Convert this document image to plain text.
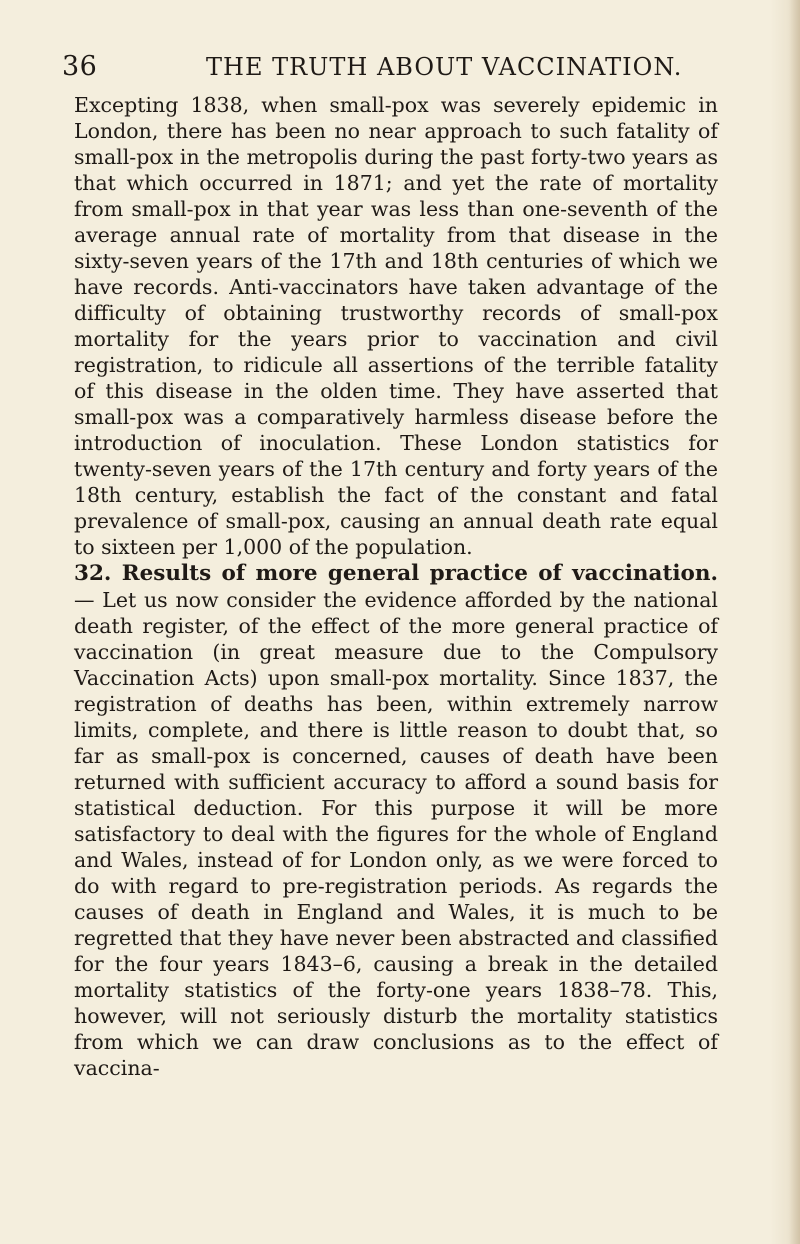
36	THE TRUTH ABOUT VACCINATION.

Excepting 1838, when small-pox was severely epidemic in London, there has been no near approach to such fatality of small-pox in the metropolis during the past forty-two years as that which occurred in 1871; and yet the rate of mortality from small-pox in that year was less than one-seventh of the average annual rate of mortality from that disease in the sixty-seven years of the 17th and 18th centuries of which we have records. Anti-vaccinators have taken advantage of the difficulty of obtaining trustworthy records of small-pox mortality for the years prior to vaccination and civil registration, to ridicule all assertions of the terrible fatality of this disease in the olden time. They have asserted that small-pox was a comparatively harmless disease before the introduction of inoculation. These London statistics for twenty-seven years of the 17th century and forty years of the 18th century, establish the fact of the constant and fatal prevalence of small-pox, causing an annual death rate equal to sixteen per 1,000 of the population.

32. Results of more general practice of vaccination.— Let us now consider the evidence afforded by the national death register, of the effect of the more general practice of vaccination (in great measure due to the Compulsory Vaccination Acts) upon small-pox mortality. Since 1837, the registration of deaths has been, within extremely narrow limits, complete, and there is little reason to doubt that, so far as small-pox is concerned, causes of death have been returned with sufficient accuracy to afford a sound basis for statistical deduction. For this purpose it will be more satisfactory to deal with the figures for the whole of England and Wales, instead of for London only, as we were forced to do with regard to pre-registration periods. As regards the causes of death in England and Wales, it is much to be regretted that they have never been abstracted and classified for the four years 1843–6, causing a break in the detailed mortality statistics of the forty-one years 1838–78. This, however, will not seriously disturb the mortality statistics from which we can draw conclusions as to the effect of vaccina-
